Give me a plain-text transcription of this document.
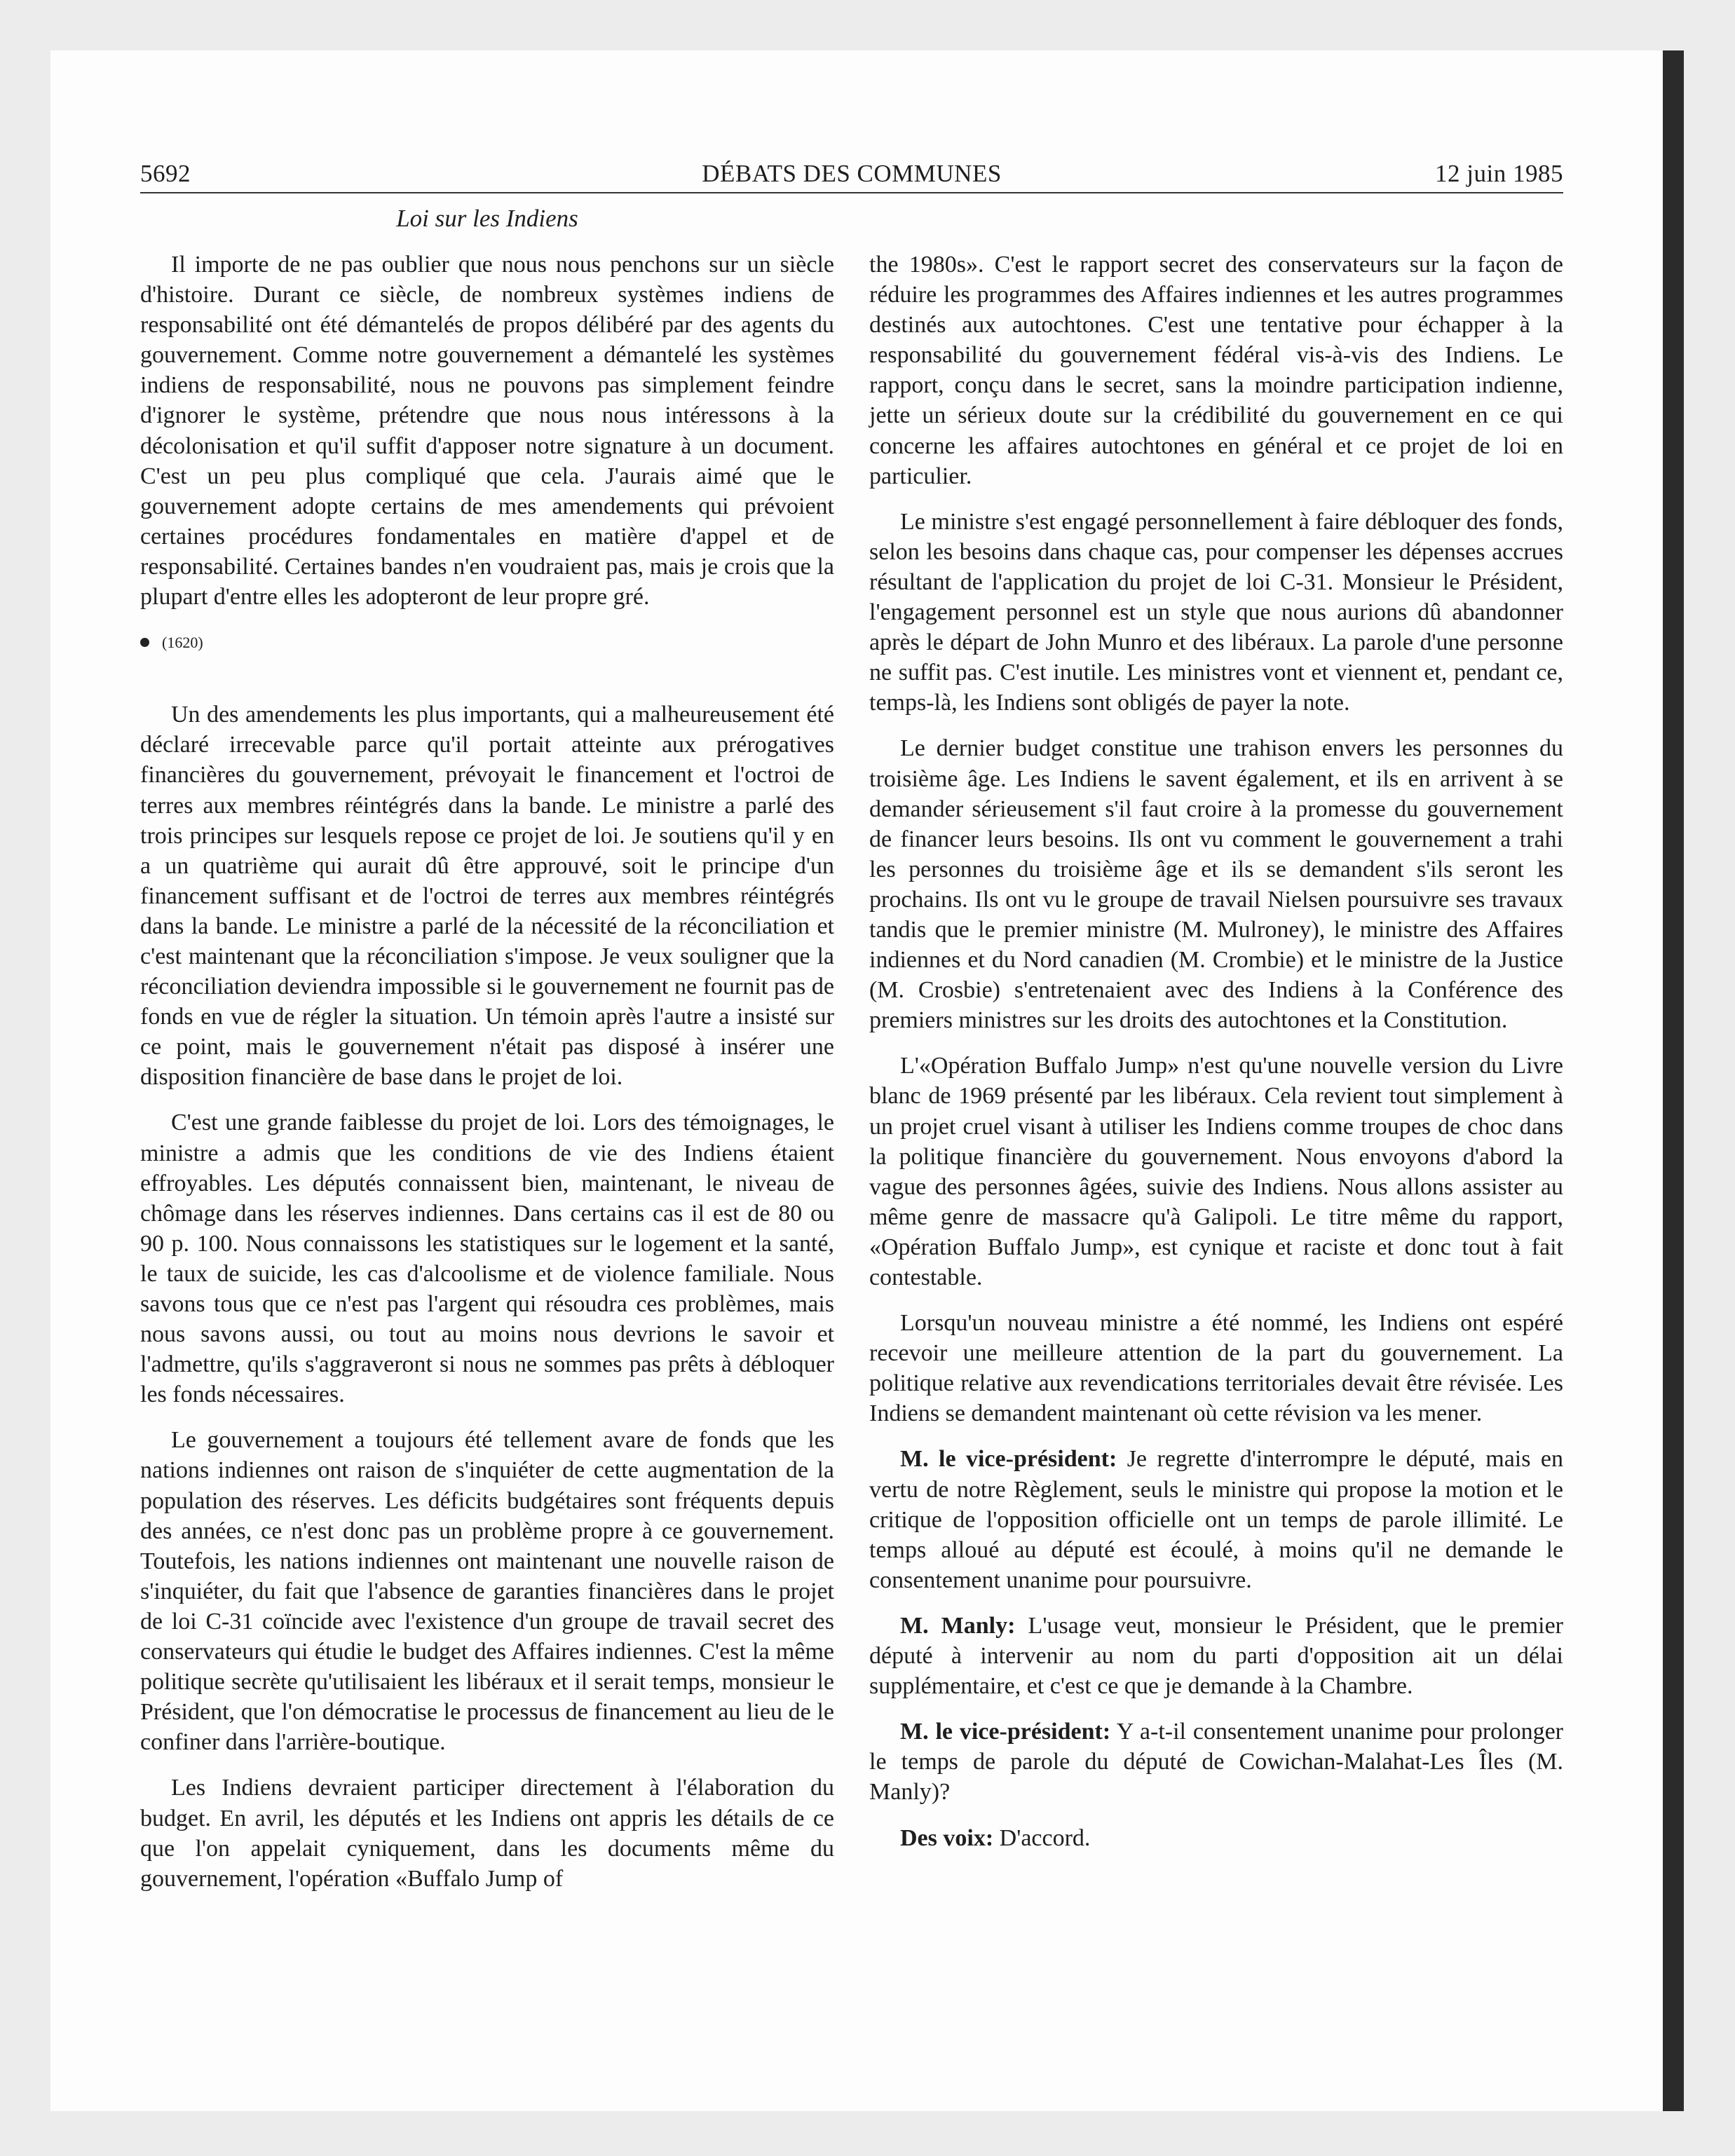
5692	DÉBATS DES COMMUNES	12 juin 1985
Loi sur les Indiens

Il importe de ne pas oublier que nous nous penchons sur un siècle d'histoire. Durant ce siècle, de nombreux systèmes indiens de responsabilité ont été démantelés de propos délibéré par des agents du gouvernement. Comme notre gouvernement a démantelé les systèmes indiens de responsabilité, nous ne pouvons pas simplement feindre d'ignorer le système, prétendre que nous nous intéressons à la décolonisation et qu'il suffit d'apposer notre signature à un document. C'est un peu plus compliqué que cela. J'aurais aimé que le gouvernement adopte certains de mes amendements qui prévoient certaines procédures fondamentales en matière d'appel et de responsabilité. Certaines bandes n'en voudraient pas, mais je crois que la plupart d'entre elles les adopteront de leur propre gré.

(1620)

Un des amendements les plus importants, qui a malheureusement été déclaré irrecevable parce qu'il portait atteinte aux prérogatives financières du gouvernement, prévoyait le financement et l'octroi de terres aux membres réintégrés dans la bande. Le ministre a parlé des trois principes sur lesquels repose ce projet de loi. Je soutiens qu'il y en a un quatrième qui aurait dû être approuvé, soit le principe d'un financement suffisant et de l'octroi de terres aux membres réintégrés dans la bande. Le ministre a parlé de la nécessité de la réconciliation et c'est maintenant que la réconciliation s'impose. Je veux souligner que la réconciliation deviendra impossible si le gouvernement ne fournit pas de fonds en vue de régler la situation. Un témoin après l'autre a insisté sur ce point, mais le gouvernement n'était pas disposé à insérer une disposition financière de base dans le projet de loi.

C'est une grande faiblesse du projet de loi. Lors des témoignages, le ministre a admis que les conditions de vie des Indiens étaient effroyables. Les députés connaissent bien, maintenant, le niveau de chômage dans les réserves indiennes. Dans certains cas il est de 80 ou 90 p. 100. Nous connaissons les statistiques sur le logement et la santé, le taux de suicide, les cas d'alcoolisme et de violence familiale. Nous savons tous que ce n'est pas l'argent qui résoudra ces problèmes, mais nous savons aussi, ou tout au moins nous devrions le savoir et l'admettre, qu'ils s'aggraveront si nous ne sommes pas prêts à débloquer les fonds nécessaires.

Le gouvernement a toujours été tellement avare de fonds que les nations indiennes ont raison de s'inquiéter de cette augmentation de la population des réserves. Les déficits budgétaires sont fréquents depuis des années, ce n'est donc pas un problème propre à ce gouvernement. Toutefois, les nations indiennes ont maintenant une nouvelle raison de s'inquiéter, du fait que l'absence de garanties financières dans le projet de loi C-31 coïncide avec l'existence d'un groupe de travail secret des conservateurs qui étudie le budget des Affaires indiennes. C'est la même politique secrète qu'utilisaient les libéraux et il serait temps, monsieur le Président, que l'on démocratise le processus de financement au lieu de le confiner dans l'arrière-boutique.

Les Indiens devraient participer directement à l'élaboration du budget. En avril, les députés et les Indiens ont appris les détails de ce que l'on appelait cyniquement, dans les documents même du gouvernement, l'opération «Buffalo Jump of

the 1980s». C'est le rapport secret des conservateurs sur la façon de réduire les programmes des Affaires indiennes et les autres programmes destinés aux autochtones. C'est une tentative pour échapper à la responsabilité du gouvernement fédéral vis-à-vis des Indiens. Le rapport, conçu dans le secret, sans la moindre participation indienne, jette un sérieux doute sur la crédibilité du gouvernement en ce qui concerne les affaires autochtones en général et ce projet de loi en particulier.

Le ministre s'est engagé personnellement à faire débloquer des fonds, selon les besoins dans chaque cas, pour compenser les dépenses accrues résultant de l'application du projet de loi C-31. Monsieur le Président, l'engagement personnel est un style que nous aurions dû abandonner après le départ de John Munro et des libéraux. La parole d'une personne ne suffit pas. C'est inutile. Les ministres vont et viennent et, pendant ce, temps-là, les Indiens sont obligés de payer la note.

Le dernier budget constitue une trahison envers les personnes du troisième âge. Les Indiens le savent également, et ils en arrivent à se demander sérieusement s'il faut croire à la promesse du gouvernement de financer leurs besoins. Ils ont vu comment le gouvernement a trahi les personnes du troisième âge et ils se demandent s'ils seront les prochains. Ils ont vu le groupe de travail Nielsen poursuivre ses travaux tandis que le premier ministre (M. Mulroney), le ministre des Affaires indiennes et du Nord canadien (M. Crombie) et le ministre de la Justice (M. Crosbie) s'entretenaient avec des Indiens à la Conférence des premiers ministres sur les droits des autochtones et la Constitution.

L'«Opération Buffalo Jump» n'est qu'une nouvelle version du Livre blanc de 1969 présenté par les libéraux. Cela revient tout simplement à un projet cruel visant à utiliser les Indiens comme troupes de choc dans la politique financière du gouvernement. Nous envoyons d'abord la vague des personnes âgées, suivie des Indiens. Nous allons assister au même genre de massacre qu'à Galipoli. Le titre même du rapport, «Opération Buffalo Jump», est cynique et raciste et donc tout à fait contestable.

Lorsqu'un nouveau ministre a été nommé, les Indiens ont espéré recevoir une meilleure attention de la part du gouvernement. La politique relative aux revendications territoriales devait être révisée. Les Indiens se demandent maintenant où cette révision va les mener.

M. le vice-président: Je regrette d'interrompre le député, mais en vertu de notre Règlement, seuls le ministre qui propose la motion et le critique de l'opposition officielle ont un temps de parole illimité. Le temps alloué au député est écoulé, à moins qu'il ne demande le consentement unanime pour poursuivre.

M. Manly: L'usage veut, monsieur le Président, que le premier député à intervenir au nom du parti d'opposition ait un délai supplémentaire, et c'est ce que je demande à la Chambre.

M. le vice-président: Y a-t-il consentement unanime pour prolonger le temps de parole du député de Cowichan-Malahat-Les Îles (M. Manly)?

Des voix: D'accord.
